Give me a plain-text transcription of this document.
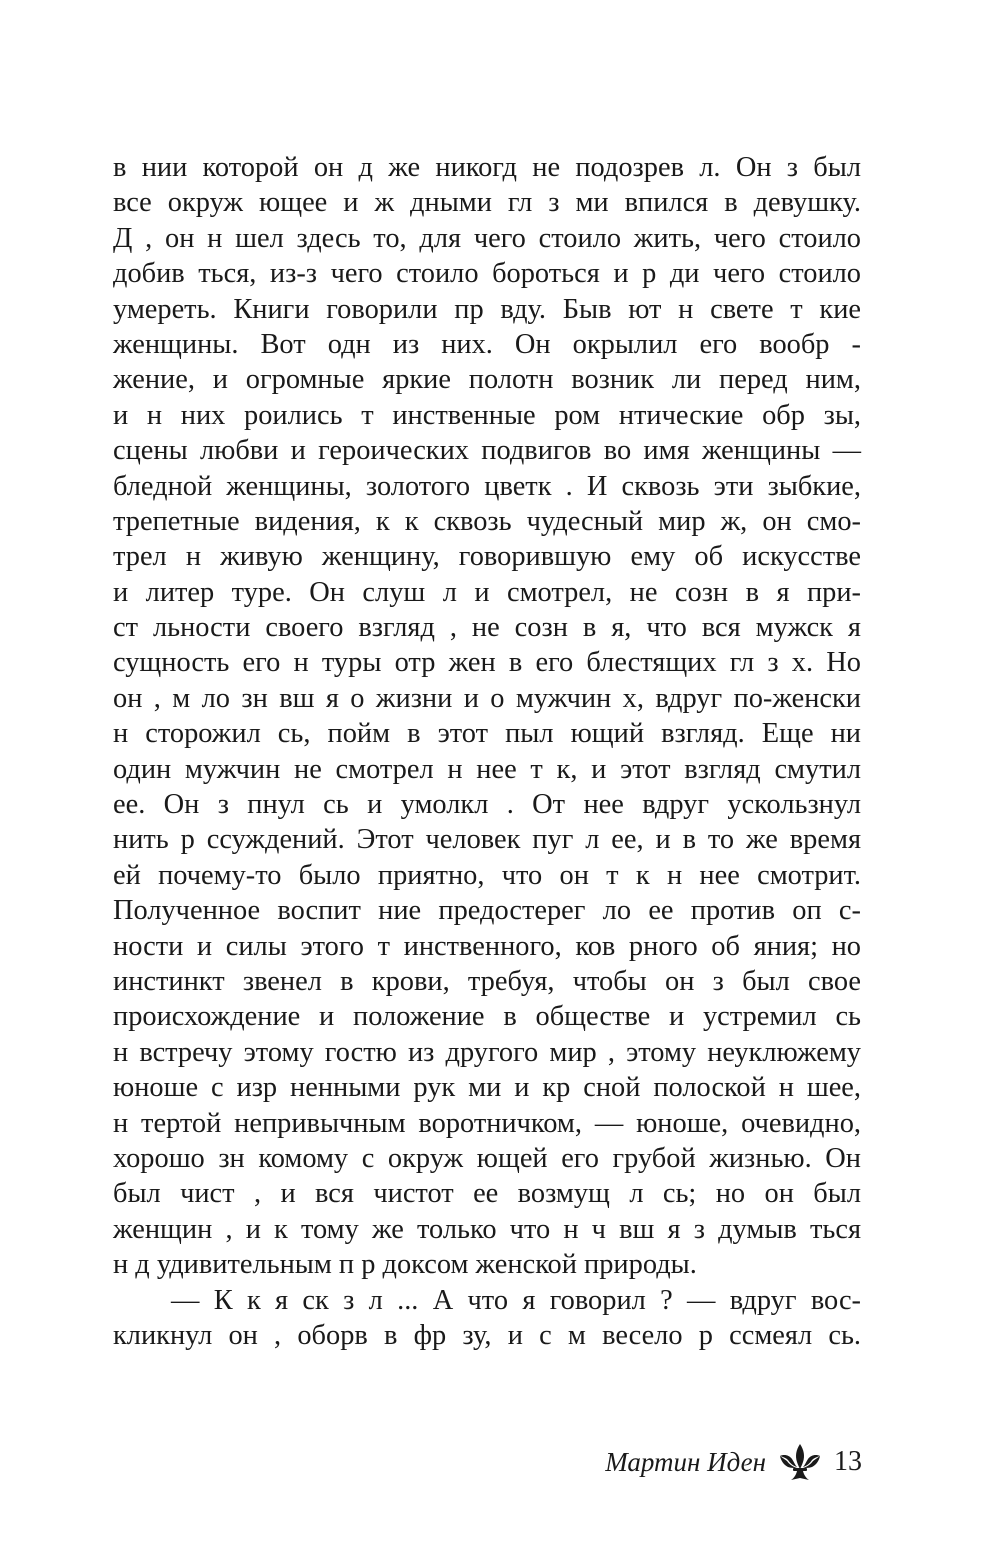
в нии которой он д же никогд не подозрев л. Он з был
все окруж ющее и ж дными гл з ми впился в девушку.
Д , он н шел здесь то, для чего стоило жить, чего стоило
добив ться, из-з чего стоило бороться и р ди чего стоило
умереть. Книги говорили пр вду. Быв ют н свете т кие
женщины. Вот одн из них. Он окрылил его вообр -
жение, и огромные яркие полотн возник ли перед ним,
и н них роились т инственные ром нтические обр зы,
сцены любви и героических подвигов во имя женщины —
бледной женщины, золотого цветк . И сквозь эти зыбкие,
трепетные видения, к к сквозь чудесный мир ж, он смо-
трел н живую женщину, говорившую ему об искусстве
и литер туре. Он слуш л и смотрел, не созн в я при-
ст льности своего взгляд , не созн в я, что вся мужск я
сущность его н туры отр жен в его блестящих гл з х. Но
он , м ло зн вш я о жизни и о мужчин х, вдруг по-женски
н сторожил сь, пойм в этот пыл ющий взгляд. Еще ни
один мужчин не смотрел н нее т к, и этот взгляд смутил
ее. Он з пнул сь и умолкл . От нее вдруг ускользнул
нить р ссуждений. Этот человек пуг л ее, и в то же время
ей почему-то было приятно, что он т к н нее смотрит.
Полученное воспит ние предостерег ло ее против оп с-
ности и силы этого т инственного, ков рного об яния; но
инстинкт звенел в крови, требуя, чтобы он з был свое
происхождение и положение в обществе и устремил сь
н встречу этому гостю из другого мир , этому неуклюжему
юноше с изр ненными рук ми и кр сной полоской н шее,
н тертой непривычным воротничком, — юноше, очевидно,
хорошо зн комому с окруж ющей его грубой жизнью. Он
был чист , и вся чистот ее возмущ л сь; но он был
женщин , и к тому же только что н ч вш я з думыв ться
н д удивительным п р доксом женской природы.
— К к я ск з л ... А что я говорил ? — вдруг вос-
кликнул он , оборв в фр зу, и с м весело р ссмеял сь.
Мартин Иден 13
